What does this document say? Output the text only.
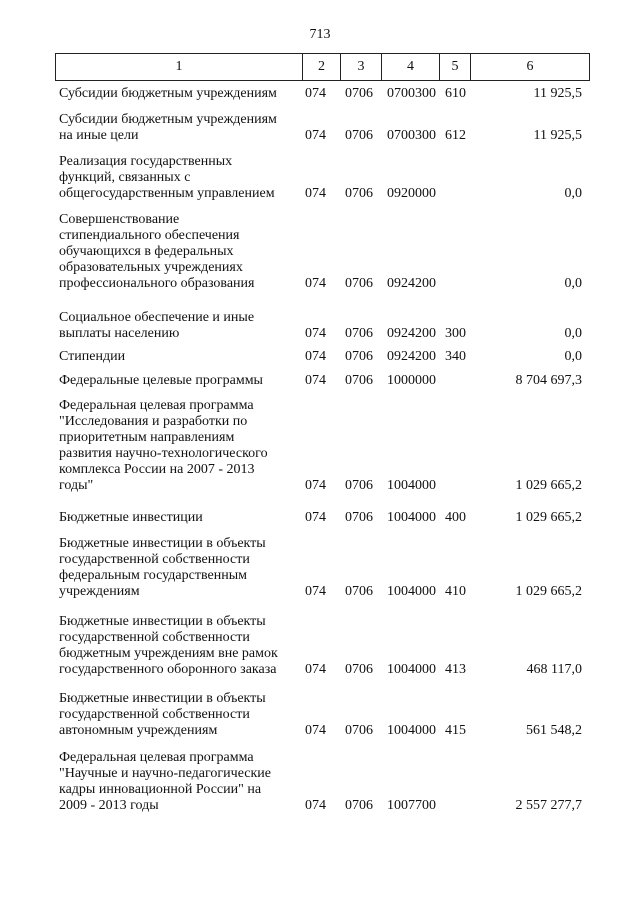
713
1	2	3	4	5	6
Субсидии бюджетным учреждениям	074 0706 0700300 610	11 925,5
Субсидии бюджетным учреждениям
на иные цели	074 0706 0700300 612	11 925,5
Реализация государственных
функций, связанных с
общегосударственным управлением	074 0706 0920000	0,0
Совершенствование
стипендиального обеспечения
обучающихся в федеральных
образовательных учреждениях
профессионального образования	074 0706 0924200	0,0
Социальное обеспечение и иные
выплаты населению	074 0706 0924200 300	0,0
Стипендии	074 0706 0924200 340	0,0
Федеральные целевые программы	074 0706 1000000	8 704 697,3
Федеральная целевая программа
"Исследования и разработки по
приоритетным направлениям
развития научно-технологического
комплекса России на 2007 - 2013
годы"	074 0706 1004000	1 029 665,2
Бюджетные инвестиции	074 0706 1004000 400	1 029 665,2
Бюджетные инвестиции в объекты
государственной собственности
федеральным государственным
учреждениям	074 0706 1004000 410	1 029 665,2
Бюджетные инвестиции в объекты
государственной собственности
бюджетным учреждениям вне рамок
государственного оборонного заказа	074 0706 1004000 413	468 117,0
Бюджетные инвестиции в объекты
государственной собственности
автономным учреждениям	074 0706 1004000 415	561 548,2
Федеральная целевая программа
"Научные и научно-педагогические
кадры инновационной России" на
2009 - 2013 годы	074 0706 1007700	2 557 277,7
